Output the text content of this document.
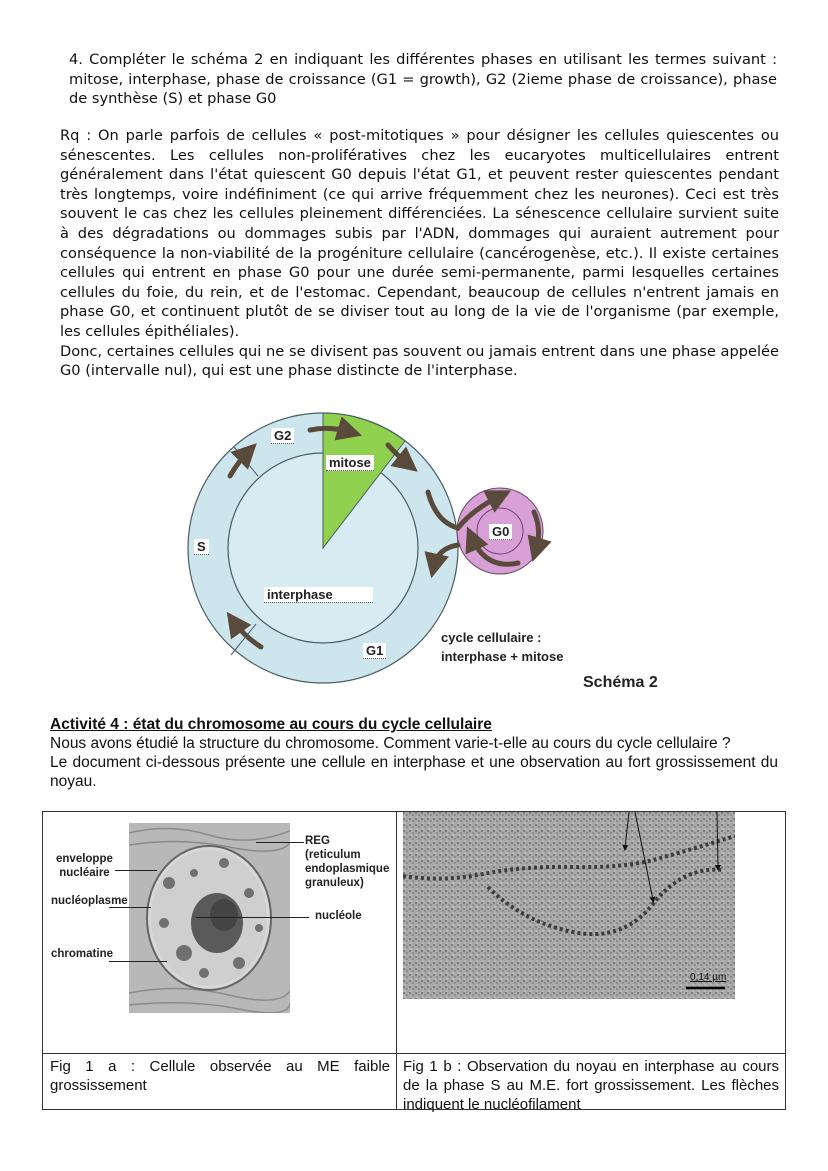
4. Compléter le schéma 2 en indiquant les différentes phases en utilisant les termes suivant : mitose, interphase, phase de croissance (G1 = growth), G2 (2ieme phase de croissance), phase de synthèse (S) et phase G0

Rq : On parle parfois de cellules « post-mitotiques » pour désigner les cellules quiescentes ou sénescentes. Les cellules non-prolifératives chez les eucaryotes multicellulaires entrent généralement dans l'état quiescent G0 depuis l'état G1, et peuvent rester quiescentes pendant très longtemps, voire indéfiniment (ce qui arrive fréquemment chez les neurones). Ceci est très souvent le cas chez les cellules pleinement différenciées. La sénescence cellulaire survient suite à des dégradations ou dommages subis par l'ADN, dommages qui auraient autrement pour conséquence la non-viabilité de la progéniture cellulaire (cancérogenèse, etc.). Il existe certaines cellules qui entrent en phase G0 pour une durée semi-permanente, parmi lesquelles certaines cellules du foie, du rein, et de l'estomac. Cependant, beaucoup de cellules n'entrent jamais en phase G0, et continuent plutôt de se diviser tout au long de la vie de l'organisme (par exemple, les cellules épithéliales).

Donc, certaines cellules qui ne se divisent pas souvent ou jamais entrent dans une phase appelée G0 (intervalle nul), qui est une phase distincte de l'interphase.

G2
mitose
S
interphase
G1
G0
cycle cellulaire :
interphase + mitose
Schéma 2
Activité 4 : état du chromosome au cours du cycle cellulaire

Nous avons étudié la structure du chromosome. Comment varie-t-elle au cours du cycle cellulaire ?

Le document ci-dessous présente une cellule en interphase et une observation au fort grossissement du noyau.

enveloppe
nucléaire
nucléoplasme
chromatine
REG
(reticulum
endoplasmique
granuleux)
nucléole
0,14 µm
Fig 1 a : Cellule observée au ME faible grossissement
Fig 1 b : Observation du noyau en interphase au cours de la phase S au M.E. fort grossissement. Les flèches indiquent le nucléofilament
